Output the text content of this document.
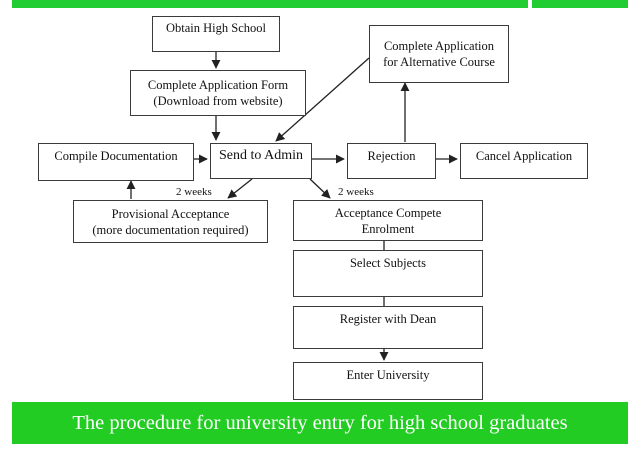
Obtain High School
Complete Application Form
(Download from website)
Complete Application
for Alternative Course
Compile Documentation	Send to Admin	Rejection	Cancel Application
Provisional Acceptance
(more documentation required)
Acceptance Compete
Enrolment
Select Subjects
Register with Dean
Enter University
2 weeks	2 weeks
The procedure for university entry for high school graduates
